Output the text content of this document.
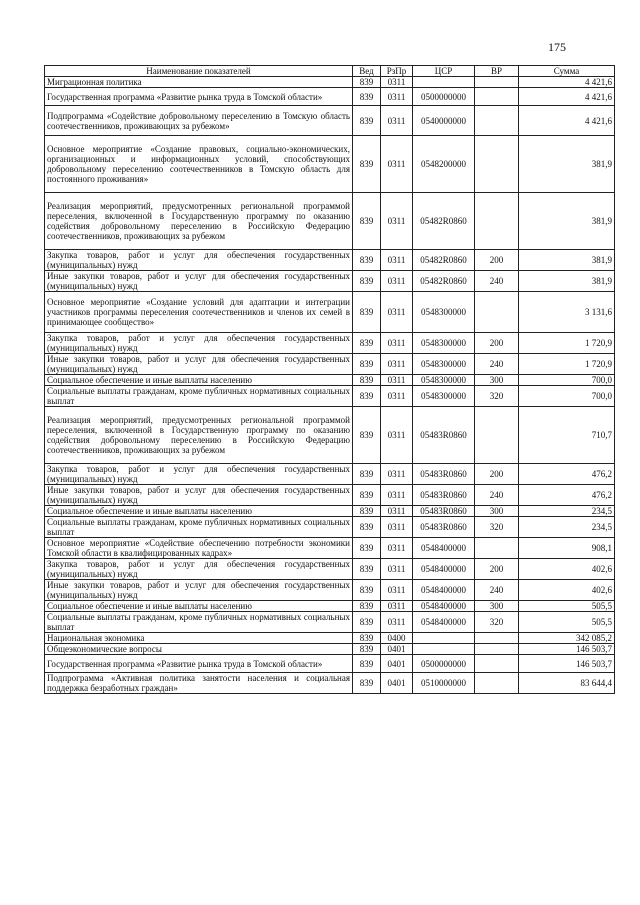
175
Наименование показателей	Вед	РзПр	ЦСР	ВР	Сумма
Миграционная политика	839	0311			4 421,6
Государственная программа «Развитие рынка труда в Томской области»	839	0311	0500000000		4 421,6
Подпрограмма «Содействие добровольному переселению в Томскую область соотечественников, проживающих за рубежом»	839	0311	0540000000		4 421,6
Основное мероприятие «Создание правовых, социально-экономических, организационных и информационных условий, способствующих добровольному переселению соотечественников в Томскую область для постоянного проживания»	839	0311	0548200000		381,9
Реализация мероприятий, предусмотренных региональной программой переселения, включенной в Государственную программу по оказанию содействия добровольному переселению в Российскую Федерацию соотечественников, проживающих за рубежом	839	0311	05482R0860		381,9
Закупка товаров, работ и услуг для обеспечения государственных (муниципальных) нужд	839	0311	05482R0860	200	381,9
Иные закупки товаров, работ и услуг для обеспечения государственных (муниципальных) нужд	839	0311	05482R0860	240	381,9
Основное мероприятие «Создание условий для адаптации и интеграции участников программы переселения соотечественников и членов их семей в принимающее сообщество»	839	0311	0548300000		3 131,6
Закупка товаров, работ и услуг для обеспечения государственных (муниципальных) нужд	839	0311	0548300000	200	1 720,9
Иные закупки товаров, работ и услуг для обеспечения государственных (муниципальных) нужд	839	0311	0548300000	240	1 720,9
Социальное обеспечение и иные выплаты населению	839	0311	0548300000	300	700,0
Социальные выплаты гражданам, кроме публичных нормативных социальных выплат	839	0311	0548300000	320	700,0
Реализация мероприятий, предусмотренных региональной программой переселения, включенной в Государственную программу по оказанию содействия добровольному переселению в Российскую Федерацию соотечественников, проживающих за рубежом	839	0311	05483R0860		710,7
Закупка товаров, работ и услуг для обеспечения государственных (муниципальных) нужд	839	0311	05483R0860	200	476,2
Иные закупки товаров, работ и услуг для обеспечения государственных (муниципальных) нужд	839	0311	05483R0860	240	476,2
Социальное обеспечение и иные выплаты населению	839	0311	05483R0860	300	234,5
Социальные выплаты гражданам, кроме публичных нормативных социальных выплат	839	0311	05483R0860	320	234,5
Основное мероприятие «Содействие обеспечению потребности экономики Томской области в квалифицированных кадрах»	839	0311	0548400000		908,1
Закупка товаров, работ и услуг для обеспечения государственных (муниципальных) нужд	839	0311	0548400000	200	402,6
Иные закупки товаров, работ и услуг для обеспечения государственных (муниципальных) нужд	839	0311	0548400000	240	402,6
Социальное обеспечение и иные выплаты населению	839	0311	0548400000	300	505,5
Социальные выплаты гражданам, кроме публичных нормативных социальных выплат	839	0311	0548400000	320	505,5
Национальная экономика	839	0400			342 085,2
Общеэкономические вопросы	839	0401			146 503,7
Государственная программа «Развитие рынка труда в Томской области»	839	0401	0500000000		146 503,7
Подпрограмма «Активная политика занятости населения и социальная поддержка безработных граждан»	839	0401	0510000000		83 644,4
